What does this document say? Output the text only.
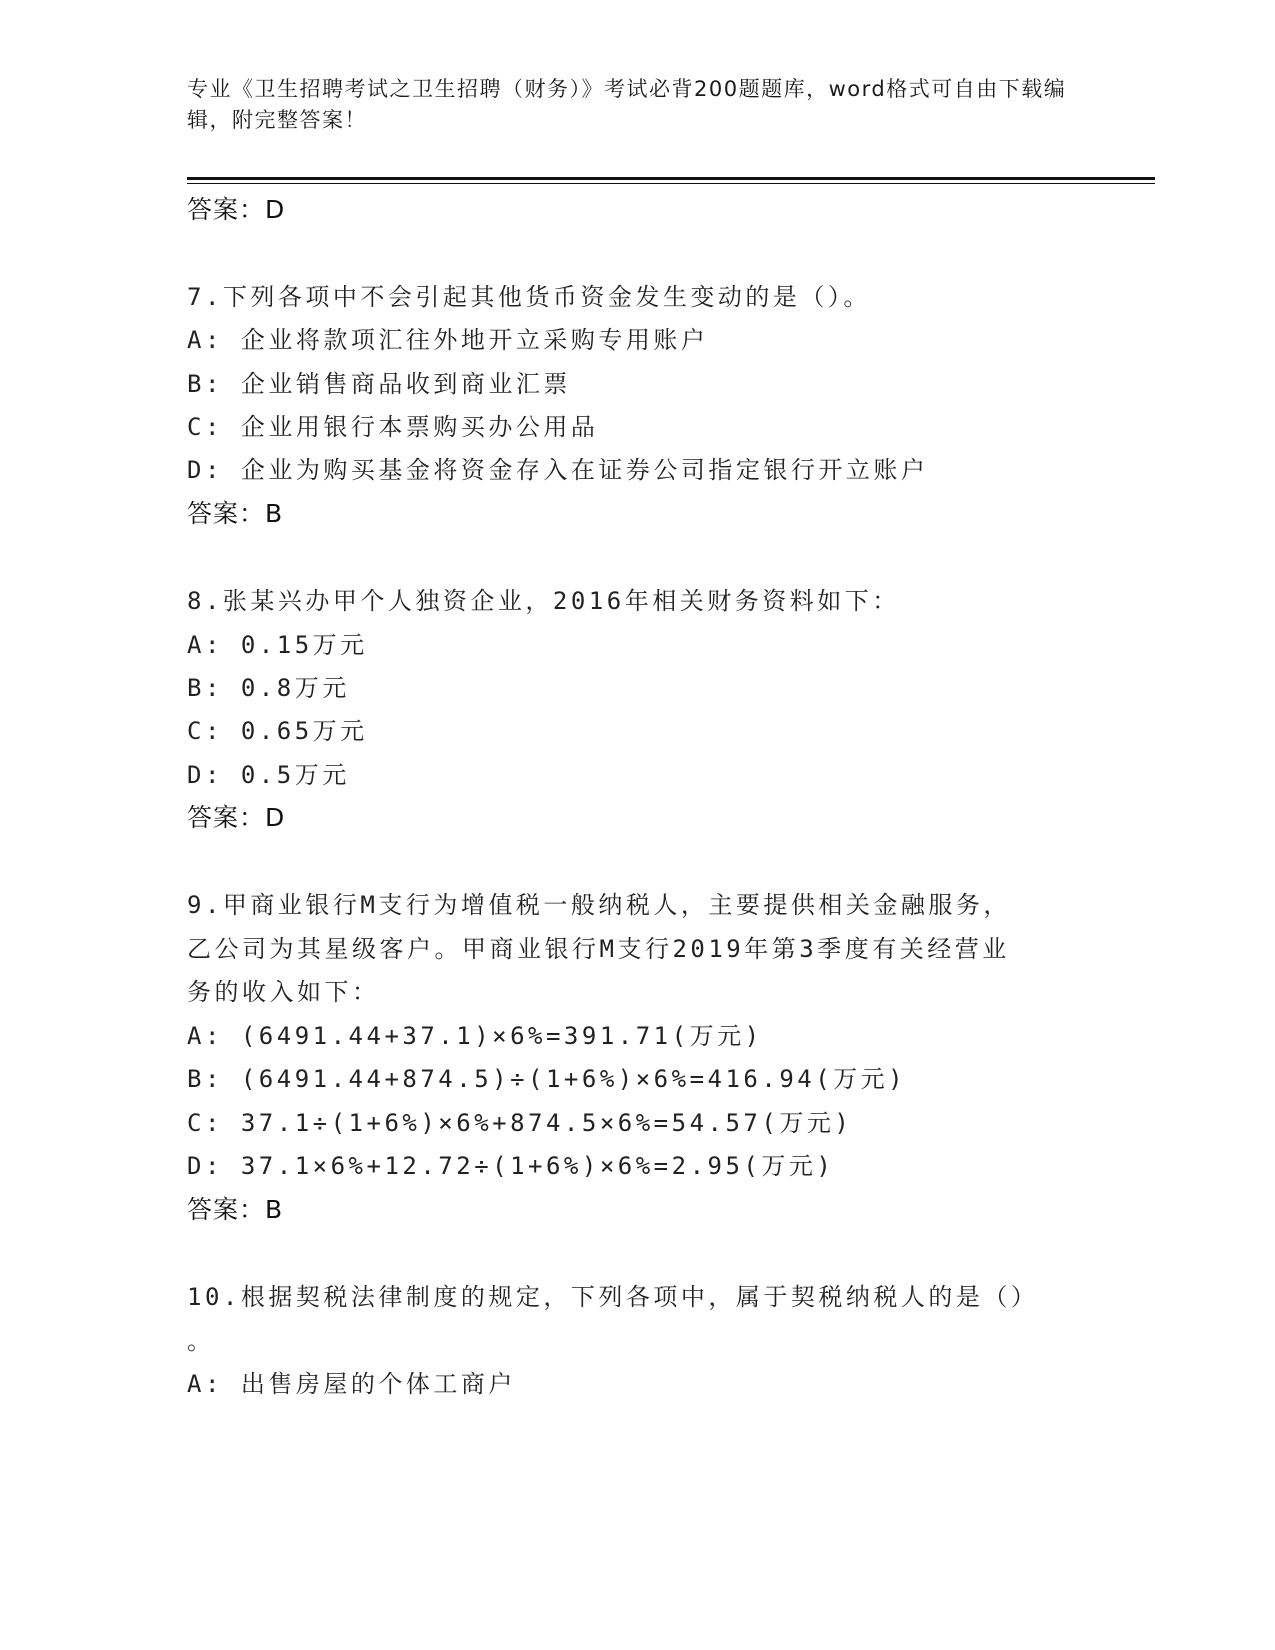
专业《卫生招聘考试之卫生招聘（财务）》考试必背200题题库，word格式可自由下载编辑，附完整答案！
答案：D
7.下列各项中不会引起其他货币资金发生变动的是（）。
A: 企业将款项汇往外地开立采购专用账户
B: 企业销售商品收到商业汇票
C: 企业用银行本票购买办公用品
D: 企业为购买基金将资金存入在证券公司指定银行开立账户
答案：B
8.张某兴办甲个人独资企业，2016年相关财务资料如下：
A: 0.15万元
B: 0.8万元
C: 0.65万元
D: 0.5万元
答案：D
9.甲商业银行M支行为增值税一般纳税人，主要提供相关金融服务，
乙公司为其星级客户。甲商业银行M支行2019年第3季度有关经营业
务的收入如下：
A: (6491.44+37.1)×6%=391.71(万元)
B: (6491.44+874.5)÷(1+6%)×6%=416.94(万元)
C: 37.1÷(1+6%)×6%+874.5×6%=54.57(万元)
D: 37.1×6%+12.72÷(1+6%)×6%=2.95(万元)
答案：B
10.根据契税法律制度的规定，下列各项中，属于契税纳税人的是（）
。
A: 出售房屋的个体工商户
